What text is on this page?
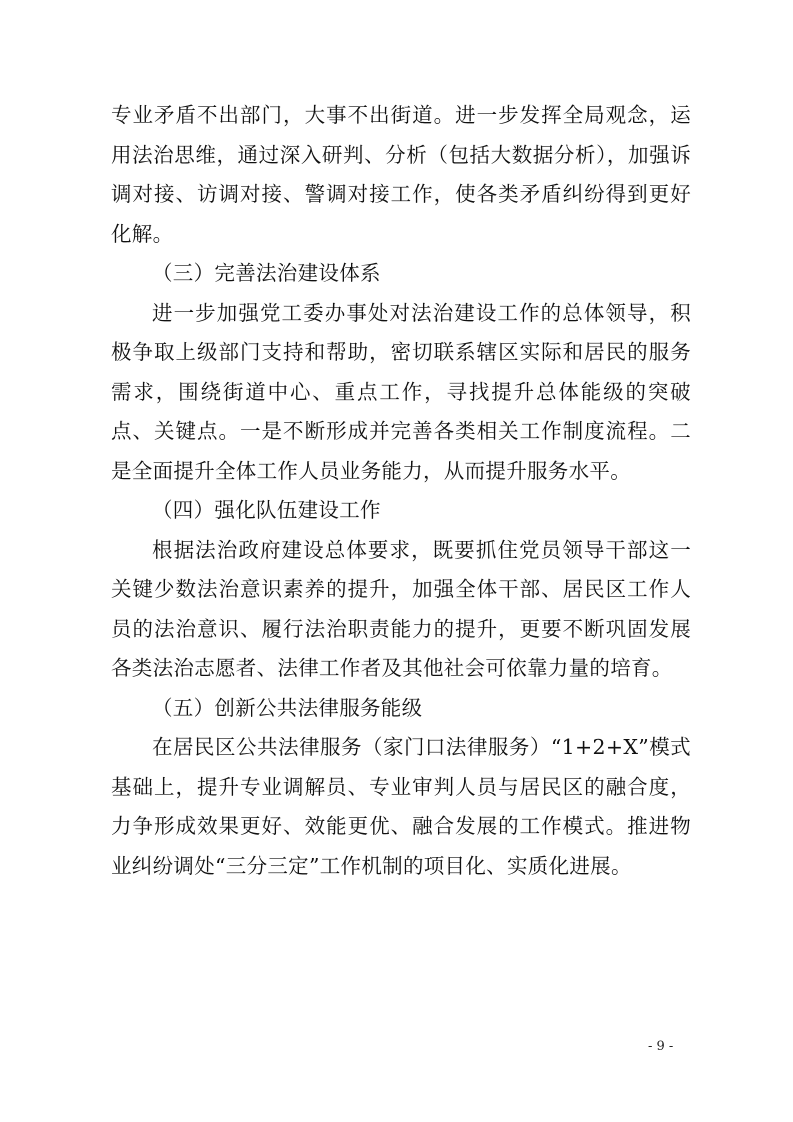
专业矛盾不出部门，大事不出街道。进一步发挥全局观念，运用法治思维，通过深入研判、分析（包括大数据分析），加强诉调对接、访调对接、警调对接工作，使各类矛盾纠纷得到更好化解。

（三）完善法治建设体系

进一步加强党工委办事处对法治建设工作的总体领导，积极争取上级部门支持和帮助，密切联系辖区实际和居民的服务需求，围绕街道中心、重点工作，寻找提升总体能级的突破点、关键点。一是不断形成并完善各类相关工作制度流程。二是全面提升全体工作人员业务能力，从而提升服务水平。

（四）强化队伍建设工作

根据法治政府建设总体要求，既要抓住党员领导干部这一关键少数法治意识素养的提升，加强全体干部、居民区工作人员的法治意识、履行法治职责能力的提升，更要不断巩固发展各类法治志愿者、法律工作者及其他社会可依靠力量的培育。

（五）创新公共法律服务能级

在居民区公共法律服务（家门口法律服务）“1+2+X”模式基础上，提升专业调解员、专业审判人员与居民区的融合度，力争形成效果更好、效能更优、融合发展的工作模式。推进物业纠纷调处“三分三定”工作机制的项目化、实质化进展。

- 9 -
